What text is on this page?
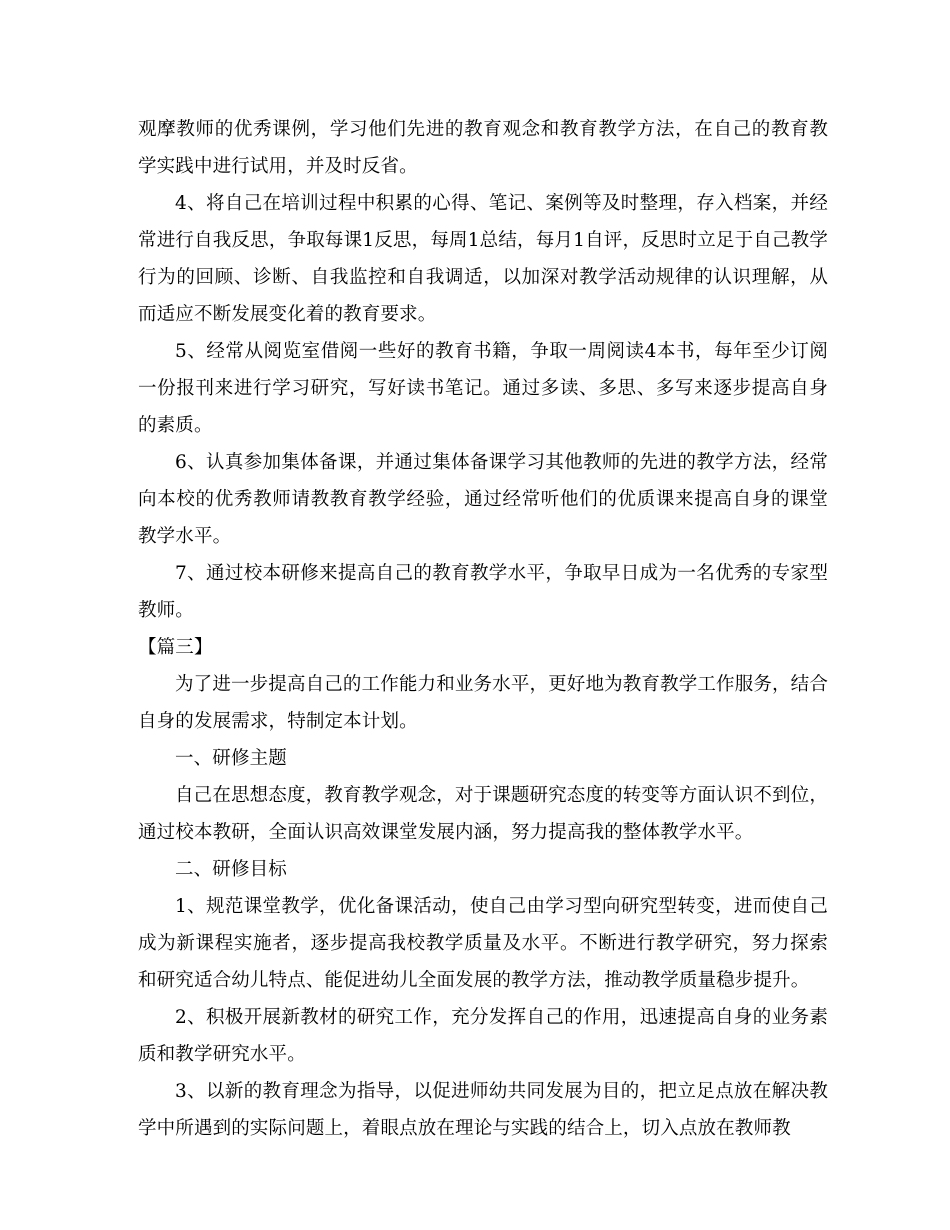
观摩教师的优秀课例，学习他们先进的教育观念和教育教学方法，在自己的教育教学实践中进行试用，并及时反省。

4、将自己在培训过程中积累的心得、笔记、案例等及时整理，存入档案，并经常进行自我反思，争取每课1反思，每周1总结，每月1自评，反思时立足于自己教学行为的回顾、诊断、自我监控和自我调适，以加深对教学活动规律的认识理解，从而适应不断发展变化着的教育要求。

5、经常从阅览室借阅一些好的教育书籍，争取一周阅读4本书，每年至少订阅一份报刊来进行学习研究，写好读书笔记。通过多读、多思、多写来逐步提高自身的素质。

6、认真参加集体备课，并通过集体备课学习其他教师的先进的教学方法，经常向本校的优秀教师请教教育教学经验，通过经常听他们的优质课来提高自身的课堂教学水平。

7、通过校本研修来提高自己的教育教学水平，争取早日成为一名优秀的专家型教师。

【篇三】

为了进一步提高自己的工作能力和业务水平，更好地为教育教学工作服务，结合自身的发展需求，特制定本计划。

一、研修主题

自己在思想态度，教育教学观念，对于课题研究态度的转变等方面认识不到位，通过校本教研，全面认识高效课堂发展内涵，努力提高我的整体教学水平。

二、研修目标

1、规范课堂教学，优化备课活动，使自己由学习型向研究型转变，进而使自己成为新课程实施者，逐步提高我校教学质量及水平。不断进行教学研究，努力探索和研究适合幼儿特点、能促进幼儿全面发展的教学方法，推动教学质量稳步提升。

2、积极开展新教材的研究工作，充分发挥自己的作用，迅速提高自身的业务素质和教学研究水平。

3、以新的教育理念为指导，以促进师幼共同发展为目的，把立足点放在解决教学中所遇到的实际问题上，着眼点放在理论与实践的结合上，切入点放在教师教
